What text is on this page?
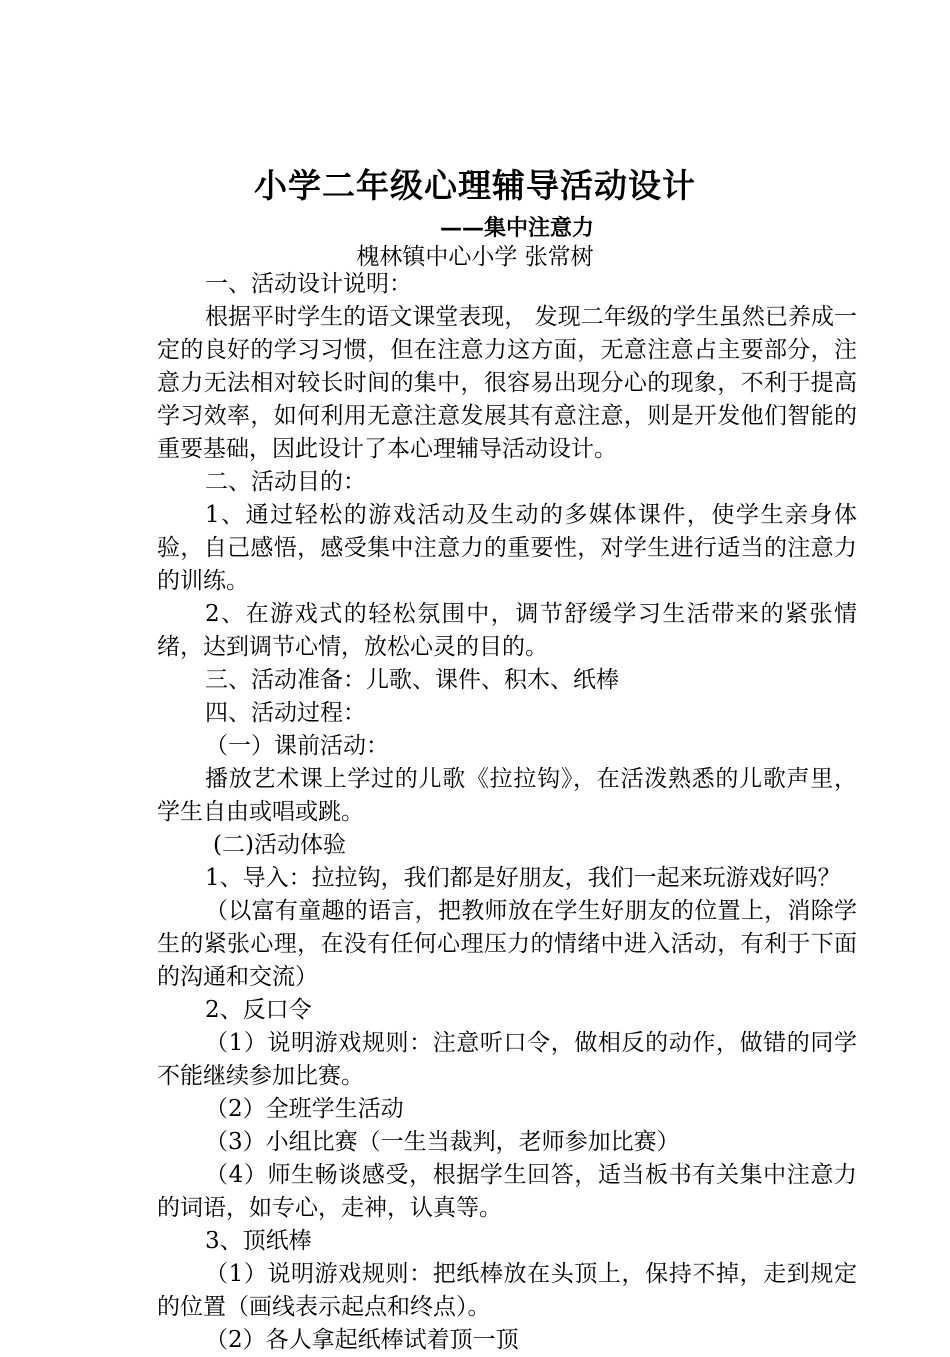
小学二年级心理辅导活动设计
——集中注意力
槐林镇中心小学 张常树

一、活动设计说明：

根据平时学生的语文课堂表现， 发现二年级的学生虽然已养成一定的良好的学习习惯，但在注意力这方面，无意注意占主要部分，注意力无法相对较长时间的集中，很容易出现分心的现象，不利于提高学习效率，如何利用无意注意发展其有意注意，则是开发他们智能的重要基础，因此设计了本心理辅导活动设计。

二、活动目的：

1、通过轻松的游戏活动及生动的多媒体课件，使学生亲身体验，自己感悟，感受集中注意力的重要性，对学生进行适当的注意力的训练。

2、在游戏式的轻松氛围中，调节舒缓学习生活带来的紧张情绪，达到调节心情，放松心灵的目的。

三、活动准备：儿歌、课件、积木、纸棒

四、活动过程：

（一）课前活动：

播放艺术课上学过的儿歌《拉拉钩》，在活泼熟悉的儿歌声里，学生自由或唱或跳。

(二)活动体验

1、导入：拉拉钩，我们都是好朋友，我们一起来玩游戏好吗？

（以富有童趣的语言，把教师放在学生好朋友的位置上，消除学生的紧张心理，在没有任何心理压力的情绪中进入活动，有利于下面的沟通和交流）

2、反口令

（1）说明游戏规则：注意听口令，做相反的动作，做错的同学不能继续参加比赛。

（2）全班学生活动

（3）小组比赛（一生当裁判，老师参加比赛）

（4）师生畅谈感受，根据学生回答，适当板书有关集中注意力的词语，如专心，走神，认真等。

3、顶纸棒

（1）说明游戏规则：把纸棒放在头顶上，保持不掉，走到规定的位置（画线表示起点和终点）。

（2）各人拿起纸棒试着顶一顶
